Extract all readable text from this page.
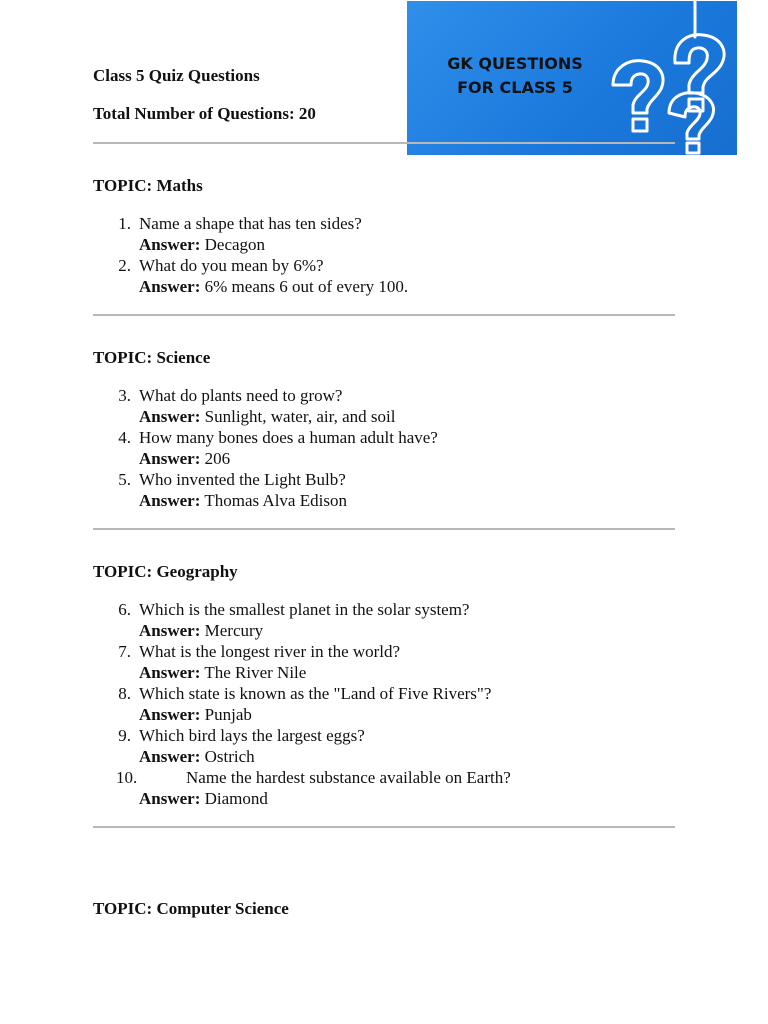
Class 5 Quiz Questions

Total Number of Questions: 20

GK QUESTIONS
FOR CLASS 5

TOPIC: Maths

1. Name a shape that has ten sides?
Answer: Decagon
2. What do you mean by 6%?
Answer: 6% means 6 out of every 100.

TOPIC: Science

3. What do plants need to grow?
Answer: Sunlight, water, air, and soil
4. How many bones does a human adult have?
Answer: 206
5. Who invented the Light Bulb?
Answer: Thomas Alva Edison

TOPIC: Geography

6. Which is the smallest planet in the solar system?
Answer: Mercury
7. What is the longest river in the world?
Answer: The River Nile
8. Which state is known as the "Land of Five Rivers"?
Answer: Punjab
9. Which bird lays the largest eggs?
Answer: Ostrich
10.	Name the hardest substance available on Earth?
Answer: Diamond

TOPIC: Computer Science
